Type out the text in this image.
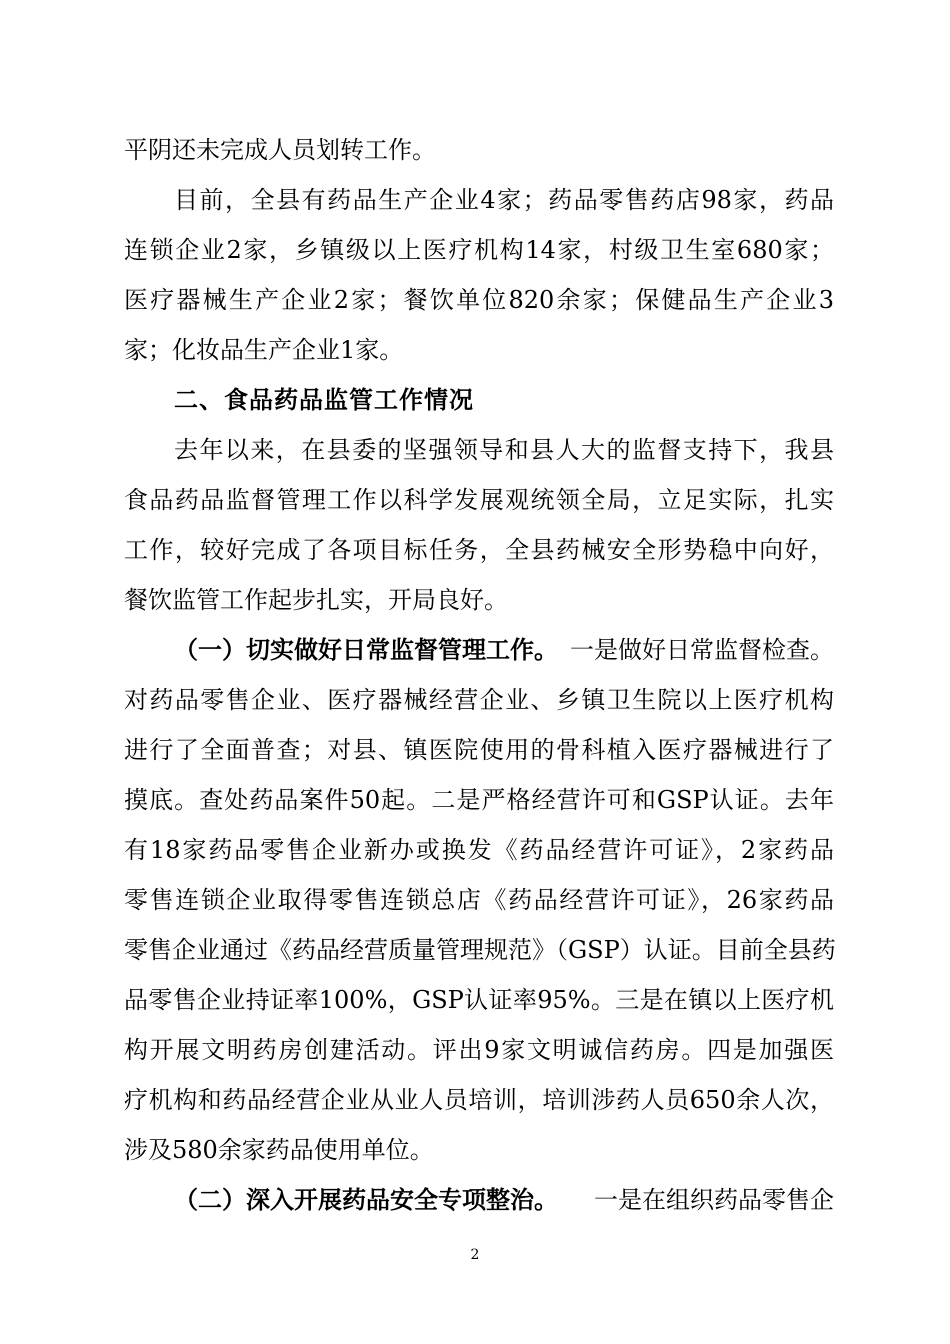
平阴还未完成人员划转工作。
目前，全县有药品生产企业4家；药品零售药店98家，药品
连锁企业2家，乡镇级以上医疗机构14家，村级卫生室680家；
医疗器械生产企业2家；餐饮单位820余家；保健品生产企业3
家；化妆品生产企业1家。
二、食品药品监管工作情况
去年以来，在县委的坚强领导和县人大的监督支持下，我县
食品药品监督管理工作以科学发展观统领全局，立足实际，扎实
工作，较好完成了各项目标任务，全县药械安全形势稳中向好，
餐饮监管工作起步扎实，开局良好。
（一）切实做好日常监督管理工作。 一是做好日常监督检查。
对药品零售企业、医疗器械经营企业、乡镇卫生院以上医疗机构
进行了全面普查；对县、镇医院使用的骨科植入医疗器械进行了
摸底。查处药品案件50起。二是严格经营许可和GSP认证。去年
有18家药品零售企业新办或换发《药品经营许可证》，2家药品
零售连锁企业取得零售连锁总店《药品经营许可证》，26家药品
零售企业通过《药品经营质量管理规范》（GSP）认证。目前全县药
品零售企业持证率100%，GSP认证率95%。三是在镇以上医疗机
构开展文明药房创建活动。评出9家文明诚信药房。四是加强医
疗机构和药品经营企业从业人员培训，培训涉药人员650余人次，
涉及580余家药品使用单位。
（二）深入开展药品安全专项整治。 一是在组织药品零售企
2
